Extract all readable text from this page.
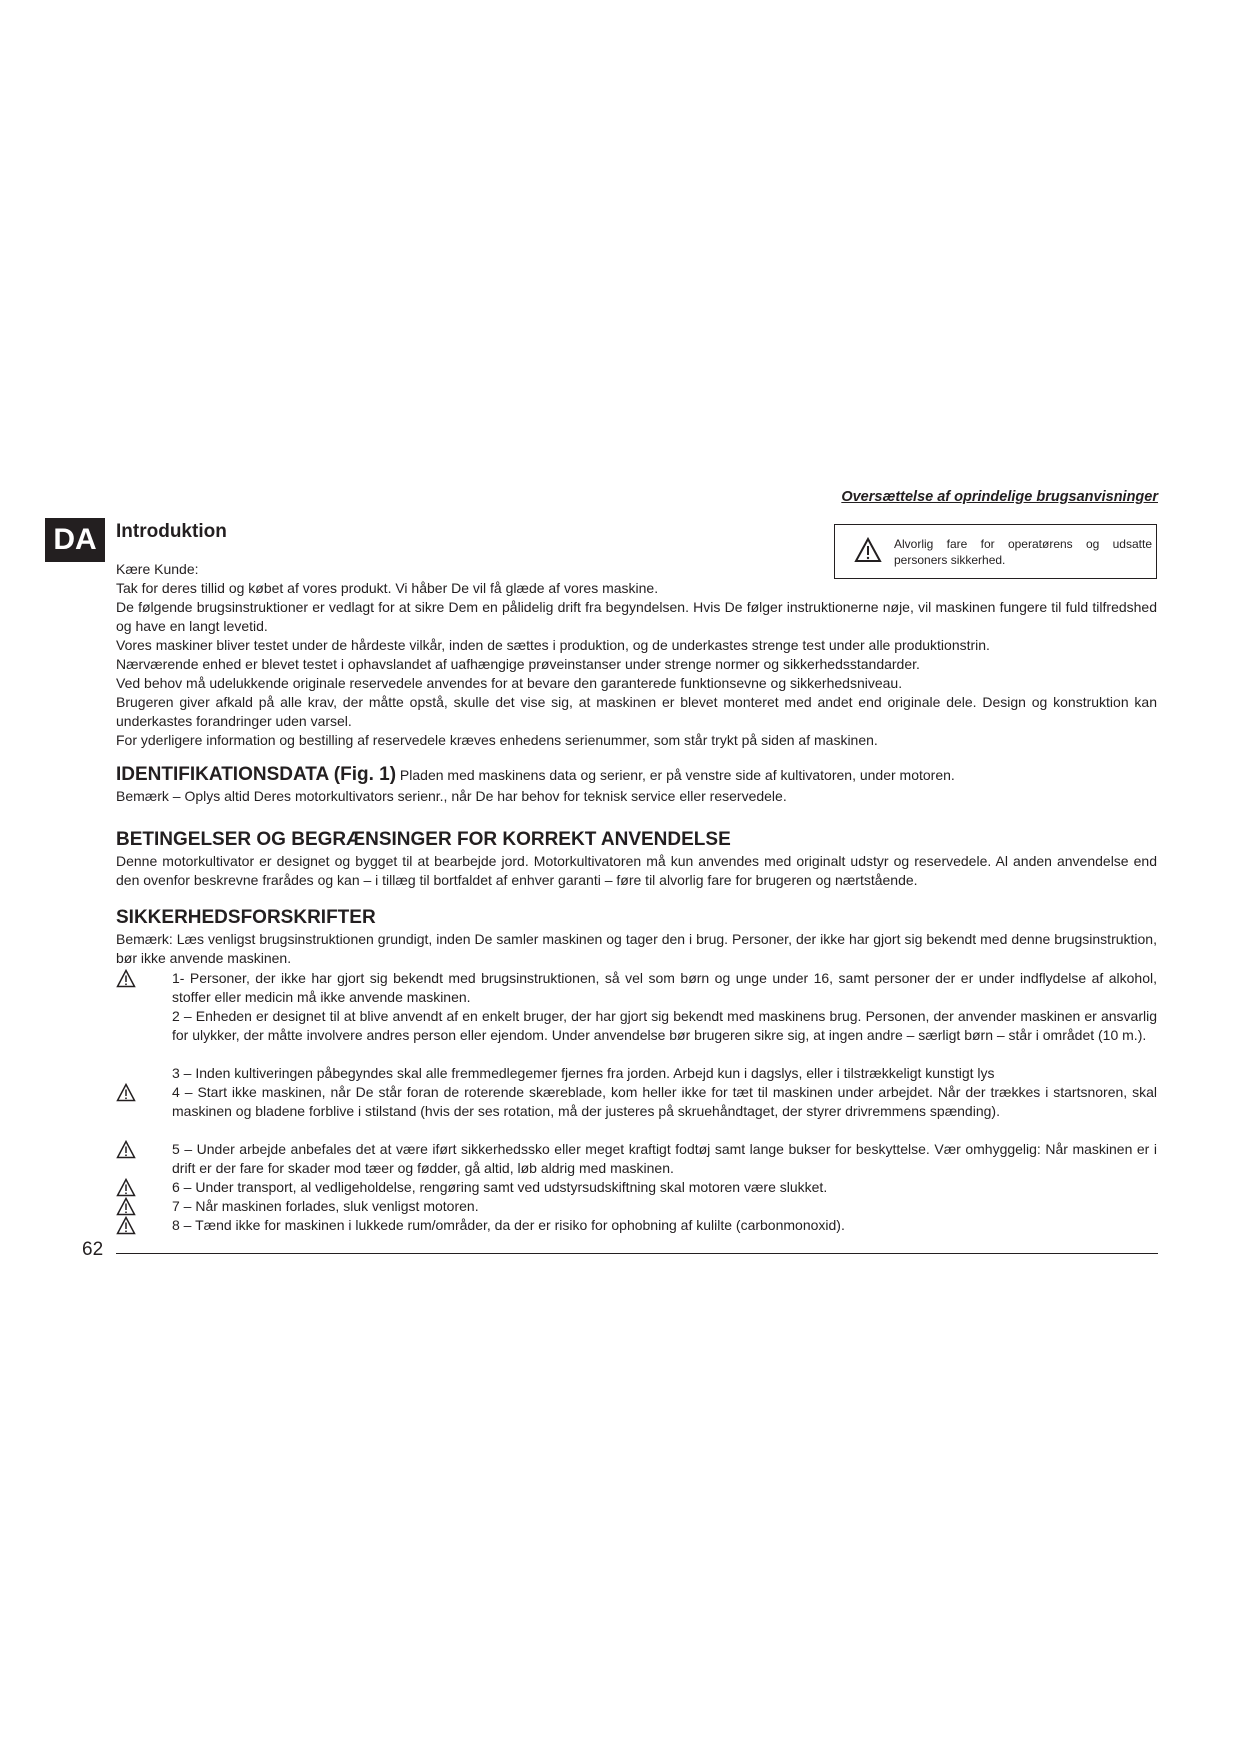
Oversættelse af oprindelige brugsanvisninger
DA	Introduktion
Alvorlig fare for operatørens og udsatte personers sikkerhed.
Kære Kunde:

Tak for deres tillid og købet af vores produkt. Vi håber De vil få glæde af vores maskine.

De følgende brugsinstruktioner er vedlagt for at sikre Dem en pålidelig drift fra begyndelsen. Hvis De følger instruktionerne nøje, vil maskinen fungere til fuld tilfredshed og have en langt levetid.

Vores maskiner bliver testet under de hårdeste vilkår, inden de sættes i produktion, og de underkastes strenge test under alle produktionstrin.

Nærværende enhed er blevet testet i ophavslandet af uafhængige prøveinstanser under strenge normer og sikkerhedsstandarder.

Ved behov må udelukkende originale reservedele anvendes for at bevare den garanterede funktionsevne og sikkerhedsniveau.

Brugeren giver afkald på alle krav, der måtte opstå, skulle det vise sig, at maskinen er blevet monteret med andet end originale dele. Design og konstruktion kan underkastes forandringer uden varsel.

For yderligere information og bestilling af reservedele kræves enhedens serienummer, som står trykt på siden af maskinen.

IDENTIFIKATIONSDATA (Fig. 1) Pladen med maskinens data og serienr, er på venstre side af kultivatoren, under motoren.
Bemærk – Oplys altid Deres motorkultivators serienr., når De har behov for teknisk service eller reservedele.
BETINGELSER OG BEGRÆNSINGER FOR KORREKT ANVENDELSE
Denne motorkultivator er designet og bygget til at bearbejde jord. Motorkultivatoren må kun anvendes med originalt udstyr og reservedele. Al anden anvendelse end den ovenfor beskrevne frarådes og kan – i tillæg til bortfaldet af enhver garanti – føre til alvorlig fare for brugeren og nærtstående.
SIKKERHEDSFORSKRIFTER
Bemærk: Læs venligst brugsinstruktionen grundigt, inden De samler maskinen og tager den i brug. Personer, der ikke har gjort sig bekendt med denne brugsinstruktion, bør ikke anvende maskinen.
1- Personer, der ikke har gjort sig bekendt med brugsinstruktionen, så vel som børn og unge under 16, samt personer der er under indflydelse af alkohol, stoffer eller medicin må ikke anvende maskinen.
2 – Enheden er designet til at blive anvendt af en enkelt bruger, der har gjort sig bekendt med maskinens brug. Personen, der anvender maskinen er ansvarlig for ulykker, der måtte involvere andres person eller ejendom. Under anvendelse bør brugeren sikre sig, at ingen andre – særligt børn – står i området (10 m.).
3 – Inden kultiveringen påbegyndes skal alle fremmedlegemer fjernes fra jorden. Arbejd kun i dagslys, eller i tilstrækkeligt kunstigt lys
4 – Start ikke maskinen, når De står foran de roterende skæreblade, kom heller ikke for tæt til maskinen under arbejdet. Når der trækkes i startsnoren, skal maskinen og bladene forblive i stilstand (hvis der ses rotation, må der justeres på skruehåndtaget, der styrer drivremmens spænding).
5 – Under arbejde anbefales det at være iført sikkerhedssko eller meget kraftigt fodtøj samt lange bukser for beskyttelse. Vær omhyggelig: Når maskinen er i drift er der fare for skader mod tæer og fødder, gå altid, løb aldrig med maskinen.
6 – Under transport, al vedligeholdelse, rengøring samt ved udstyrsudskiftning skal motoren være slukket.
7 – Når maskinen forlades, sluk venligst motoren.
8 – Tænd ikke for maskinen i lukkede rum/områder, da der er risiko for ophobning af kulilte (carbonmonoxid).
62
